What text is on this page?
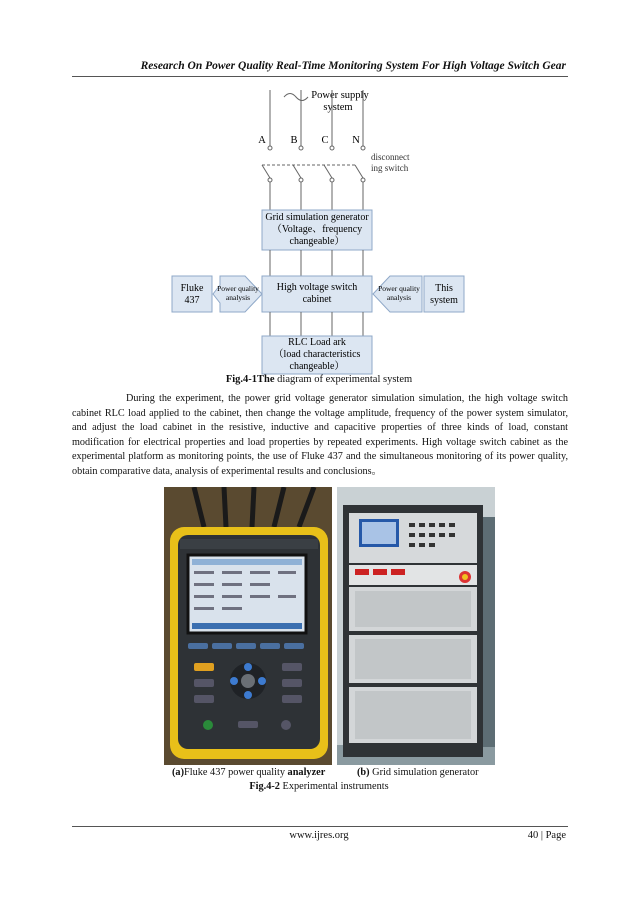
Research On Power Quality Real-Time Monitoring System For High Voltage Switch Gear
Power supply
system
A B C N
disconnect
ing switch
Grid simulation generator
（Voltage、frequency
changeable）
Fluke
437
Power quality
analysis
High voltage switch
cabinet
Power quality
analysis
This
system
RLC Load ark
（load characteristics
changeable）
Fig.4-1The diagram of experimental system
During the experiment, the power grid voltage generator simulation simulation, the high voltage switch cabinet RLC load applied to the cabinet, then change the voltage amplitude, frequency of the power system simulator, and adjust the load cabinet in the resistive, inductive and capacitive properties of three kinds of load, constant modification for electrical properties and load properties by repeated experiments. High voltage switch cabinet as the experimental platform as monitoring points, the use of Fluke 437 and the simultaneous monitoring of its power quality, obtain comparative data, analysis of experimental results and conclusions。
(a)Fluke 437 power quality analyzer	(b) Grid simulation generator
Fig.4-2 Experimental instruments
www.ijres.org	40 | Page
